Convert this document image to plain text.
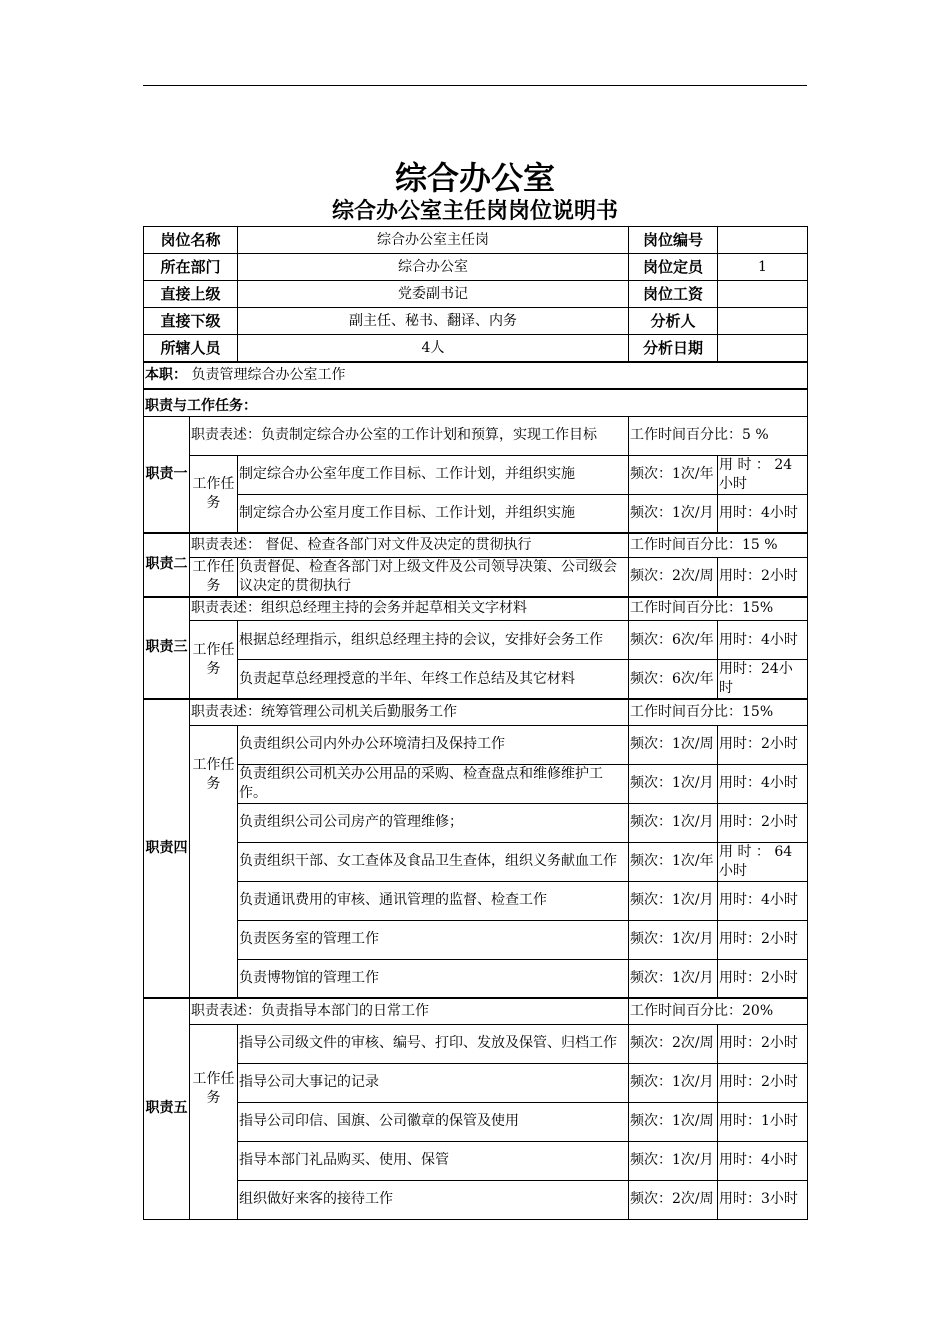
综合办公室
综合办公室主任岗岗位说明书
岗位名称		综合办公室主任岗	岗位编号	
所在部门		综合办公室	岗位定员	1
直接上级		党委副书记	岗位工资	
直接下级		副主任、秘书、翻译、内务	分析人	
所辖人员		4人	分析日期	
本职： 负责管理综合办公室工作				
职责与工作任务：				
职责一	职责表述：负责制定综合办公室的工作计划和预算，实现工作目标		工作时间百分比：5 %	
	工作任务	制定综合办公室年度工作目标、工作计划，并组织实施	频次：1次/年	用 时 ： 24小时
		制定综合办公室月度工作目标、工作计划，并组织实施	频次：1次/月	用时：4小时
职责二	职责表述： 督促、检查各部门对文件及决定的贯彻执行		工作时间百分比：15 %	
	工作任务	负责督促、检查各部门对上级文件及公司领导决策、公司级会议决定的贯彻执行	频次：2次/周	用时：2小时
职责三	职责表述：组织总经理主持的会务并起草相关文字材料		工作时间百分比：15%	
	工作任务	根据总经理指示，组织总经理主持的会议，安排好会务工作	频次：6次/年	用时：4小时
		负责起草总经理授意的半年、年终工作总结及其它材料	频次：6次/年	用时：24小时
职责四	职责表述：统筹管理公司机关后勤服务工作		工作时间百分比：15%	
	工作任务	负责组织公司内外办公环境清扫及保持工作	频次：1次/周	用时：2小时
		负责组织公司机关办公用品的采购、检查盘点和维修维护工作。	频次：1次/月	用时：4小时
		负责组织公司公司房产的管理维修；	频次：1次/月	用时：2小时
		负责组织干部、女工查体及食品卫生查体，组织义务献血工作	频次：1次/年	用 时 ： 64小时
		负责通讯费用的审核、通讯管理的监督、检查工作	频次：1次/月	用时：4小时
		负责医务室的管理工作	频次：1次/月	用时：2小时
		负责博物馆的管理工作	频次：1次/月	用时：2小时
职责五	职责表述：负责指导本部门的日常工作		工作时间百分比：20%	
	工作任务	指导公司级文件的审核、编号、打印、发放及保管、归档工作	频次：2次/周	用时：2小时
		指导公司大事记的记录	频次：1次/月	用时：2小时
		指导公司印信、国旗、公司徽章的保管及使用	频次：1次/周	用时：1小时
		指导本部门礼品购买、使用、保管	频次：1次/月	用时：4小时
		组织做好来客的接待工作	频次：2次/周	用时：3小时
